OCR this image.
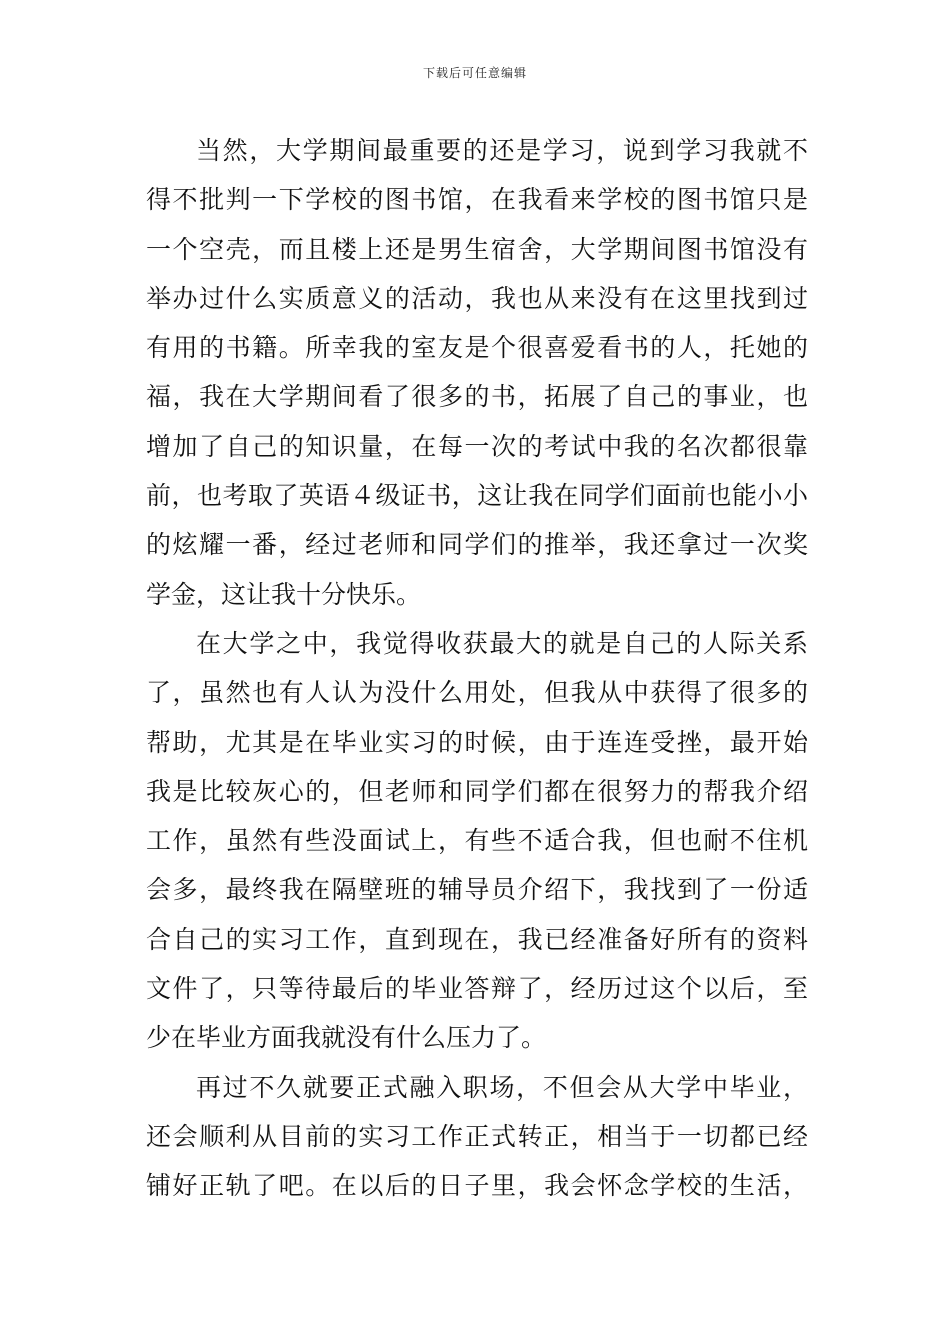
下载后可任意编辑
当然，大学期间最重要的还是学习，说到学习我就不
得不批判一下学校的图书馆，在我看来学校的图书馆只是
一个空壳，而且楼上还是男生宿舍，大学期间图书馆没有
举办过什么实质意义的活动，我也从来没有在这里找到过
有用的书籍。所幸我的室友是个很喜爱看书的人，托她的
福，我在大学期间看了很多的书，拓展了自己的事业，也
增加了自己的知识量，在每一次的考试中我的名次都很靠
前，也考取了英语４级证书，这让我在同学们面前也能小小
的炫耀一番，经过老师和同学们的推举，我还拿过一次奖
学金，这让我十分快乐。
在大学之中，我觉得收获最大的就是自己的人际关系
了，虽然也有人认为没什么用处，但我从中获得了很多的
帮助，尤其是在毕业实习的时候，由于连连受挫，最开始
我是比较灰心的，但老师和同学们都在很努力的帮我介绍
工作，虽然有些没面试上，有些不适合我，但也耐不住机
会多，最终我在隔壁班的辅导员介绍下，我找到了一份适
合自己的实习工作，直到现在，我已经准备好所有的资料
文件了，只等待最后的毕业答辩了，经历过这个以后，至
少在毕业方面我就没有什么压力了。
再过不久就要正式融入职场，不但会从大学中毕业，
还会顺利从目前的实习工作正式转正，相当于一切都已经
铺好正轨了吧。在以后的日子里，我会怀念学校的生活，
